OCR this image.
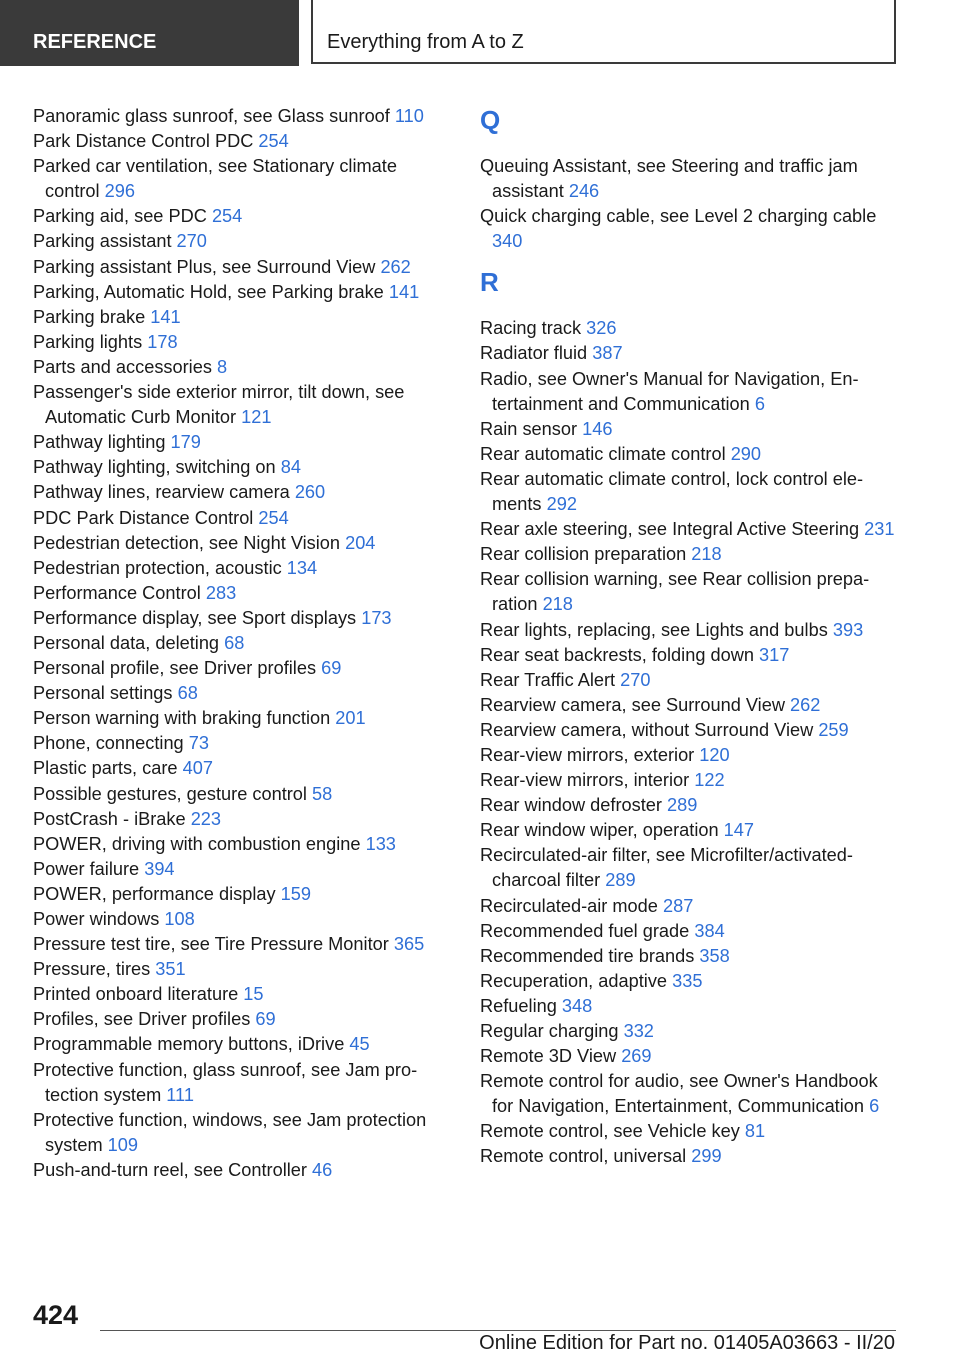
REFERENCE	Everything from A to Z
Panoramic glass sunroof, see Glass sunroof 110
Park Distance Control PDC 254
Parked car ventilation, see Stationary climate control 296
Parking aid, see PDC 254
Parking assistant 270
Parking assistant Plus, see Surround View 262
Parking, Automatic Hold, see Parking brake 141
Parking brake 141
Parking lights 178
Parts and accessories 8
Passenger's side exterior mirror, tilt down, see Automatic Curb Monitor 121
Pathway lighting 179
Pathway lighting, switching on 84
Pathway lines, rearview camera 260
PDC Park Distance Control 254
Pedestrian detection, see Night Vision 204
Pedestrian protection, acoustic 134
Performance Control 283
Performance display, see Sport displays 173
Personal data, deleting 68
Personal profile, see Driver profiles 69
Personal settings 68
Person warning with braking function 201
Phone, connecting 73
Plastic parts, care 407
Possible gestures, gesture control 58
PostCrash - iBrake 223
POWER, driving with combustion engine 133
Power failure 394
POWER, performance display 159
Power windows 108
Pressure test tire, see Tire Pressure Monitor 365
Pressure, tires 351
Printed onboard literature 15
Profiles, see Driver profiles 69
Programmable memory buttons, iDrive 45
Protective function, glass sunroof, see Jam protection system 111
Protective function, windows, see Jam protection system 109
Push-and-turn reel, see Controller 46
Q
Queuing Assistant, see Steering and traffic jam assistant 246
Quick charging cable, see Level 2 charging cable 340
R
Racing track 326
Radiator fluid 387
Radio, see Owner's Manual for Navigation, Entertainment and Communication 6
Rain sensor 146
Rear automatic climate control 290
Rear automatic climate control, lock control elements 292
Rear axle steering, see Integral Active Steering 231
Rear collision preparation 218
Rear collision warning, see Rear collision preparation 218
Rear lights, replacing, see Lights and bulbs 393
Rear seat backrests, folding down 317
Rear Traffic Alert 270
Rearview camera, see Surround View 262
Rearview camera, without Surround View 259
Rear-view mirrors, exterior 120
Rear-view mirrors, interior 122
Rear window defroster 289
Rear window wiper, operation 147
Recirculated-air filter, see Microfilter/activated-charcoal filter 289
Recirculated-air mode 287
Recommended fuel grade 384
Recommended tire brands 358
Recuperation, adaptive 335
Refueling 348
Regular charging 332
Remote 3D View 269
Remote control for audio, see Owner's Handbook for Navigation, Entertainment, Communication 6
Remote control, see Vehicle key 81
Remote control, universal 299
424
Online Edition for Part no. 01405A03663 - II/20
